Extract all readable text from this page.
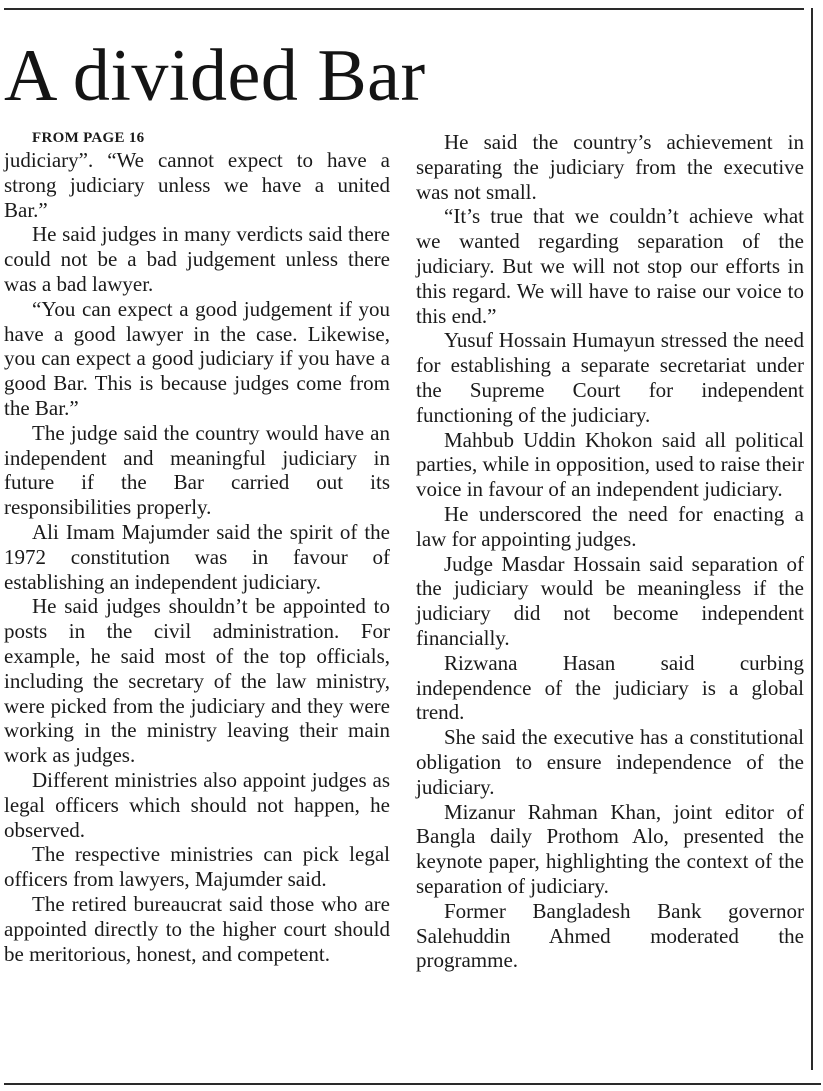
A divided Bar

FROM PAGE 16

judiciary”. “We cannot expect to have a strong judiciary unless we have a united Bar.”

He said judges in many verdicts said there could not be a bad judgement unless there was a bad lawyer.

“You can expect a good judgement if you have a good lawyer in the case. Likewise, you can expect a good judiciary if you have a good Bar. This is because judges come from the Bar.”

The judge said the country would have an independent and meaningful judiciary in future if the Bar carried out its responsibilities properly.

Ali Imam Majumder said the spirit of the 1972 constitution was in favour of establishing an independent judiciary.

He said judges shouldn’t be appointed to posts in the civil administration. For example, he said most of the top officials, including the secretary of the law ministry, were picked from the judiciary and they were working in the ministry leaving their main work as judges.

Different ministries also appoint judges as legal officers which should not happen, he observed.

The respective ministries can pick legal officers from lawyers, Majumder said.

The retired bureaucrat said those who are appointed directly to the higher court should be meritorious, honest, and competent.

He said the country’s achievement in separating the judiciary from the executive was not small.

“It’s true that we couldn’t achieve what we wanted regarding separation of the judiciary. But we will not stop our efforts in this regard. We will have to raise our voice to this end.”

Yusuf Hossain Humayun stressed the need for establishing a separate secretariat under the Supreme Court for independent functioning of the judiciary.

Mahbub Uddin Khokon said all political parties, while in opposition, used to raise their voice in favour of an independent judiciary.

He underscored the need for enacting a law for appointing judges.

Judge Masdar Hossain said separation of the judiciary would be meaningless if the judiciary did not become independent financially.

Rizwana Hasan said curbing independence of the judiciary is a global trend.

She said the executive has a constitutional obligation to ensure independence of the judiciary.

Mizanur Rahman Khan, joint editor of Bangla daily Prothom Alo, presented the keynote paper, highlighting the context of the separation of judiciary.

Former Bangladesh Bank governor Salehuddin Ahmed moderated the programme.
